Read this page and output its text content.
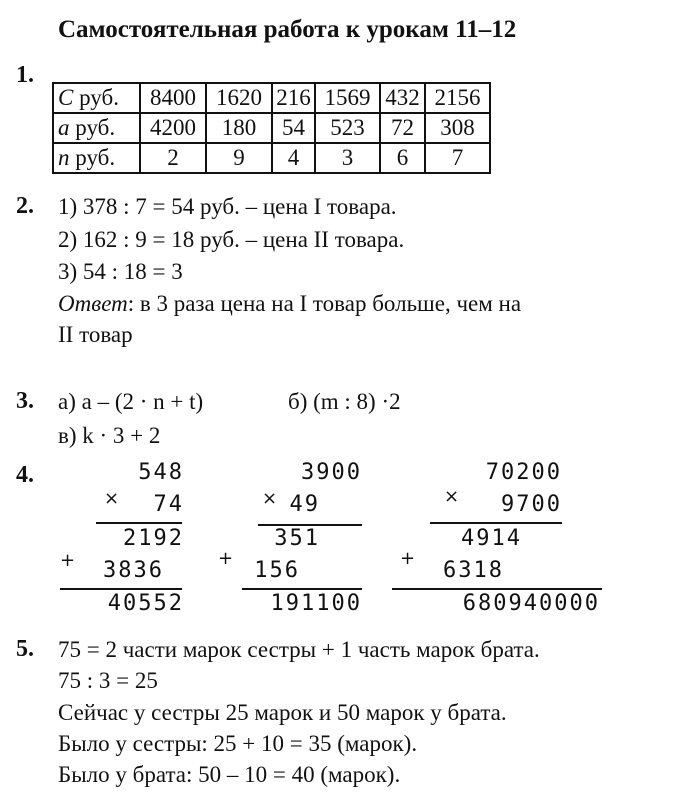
Самостоятельная работа к урокам 11–12
1.
C руб.	8400	1620	216	1569	432	2156
a руб.	4200	180	54	523	72	308
n руб.	2	9	4	3	6	7
2. 1) 378 : 7 = 54 руб. – цена I товара.
2) 162 : 9 = 18 руб. – цена II товара.
3) 54 : 18 = 3
Ответ: в 3 раза цена на I товар больше, чем на
II товар
3. а) a – (2 · n + t)	б) (m : 8) ·2
в) k · 3 + 2
4.	548
74
2192
3836
40552
×
+
3900
49
351
156
191100
×
+
70200
9700
4914
6318
680940000
×
+
5. 75 = 2 части марок сестры + 1 часть марок брата.
75 : 3 = 25
Сейчас у сестры 25 марок и 50 марок у брата.
Было у сестры: 25 + 10 = 35 (марок).
Было у брата: 50 – 10 = 40 (марок).
